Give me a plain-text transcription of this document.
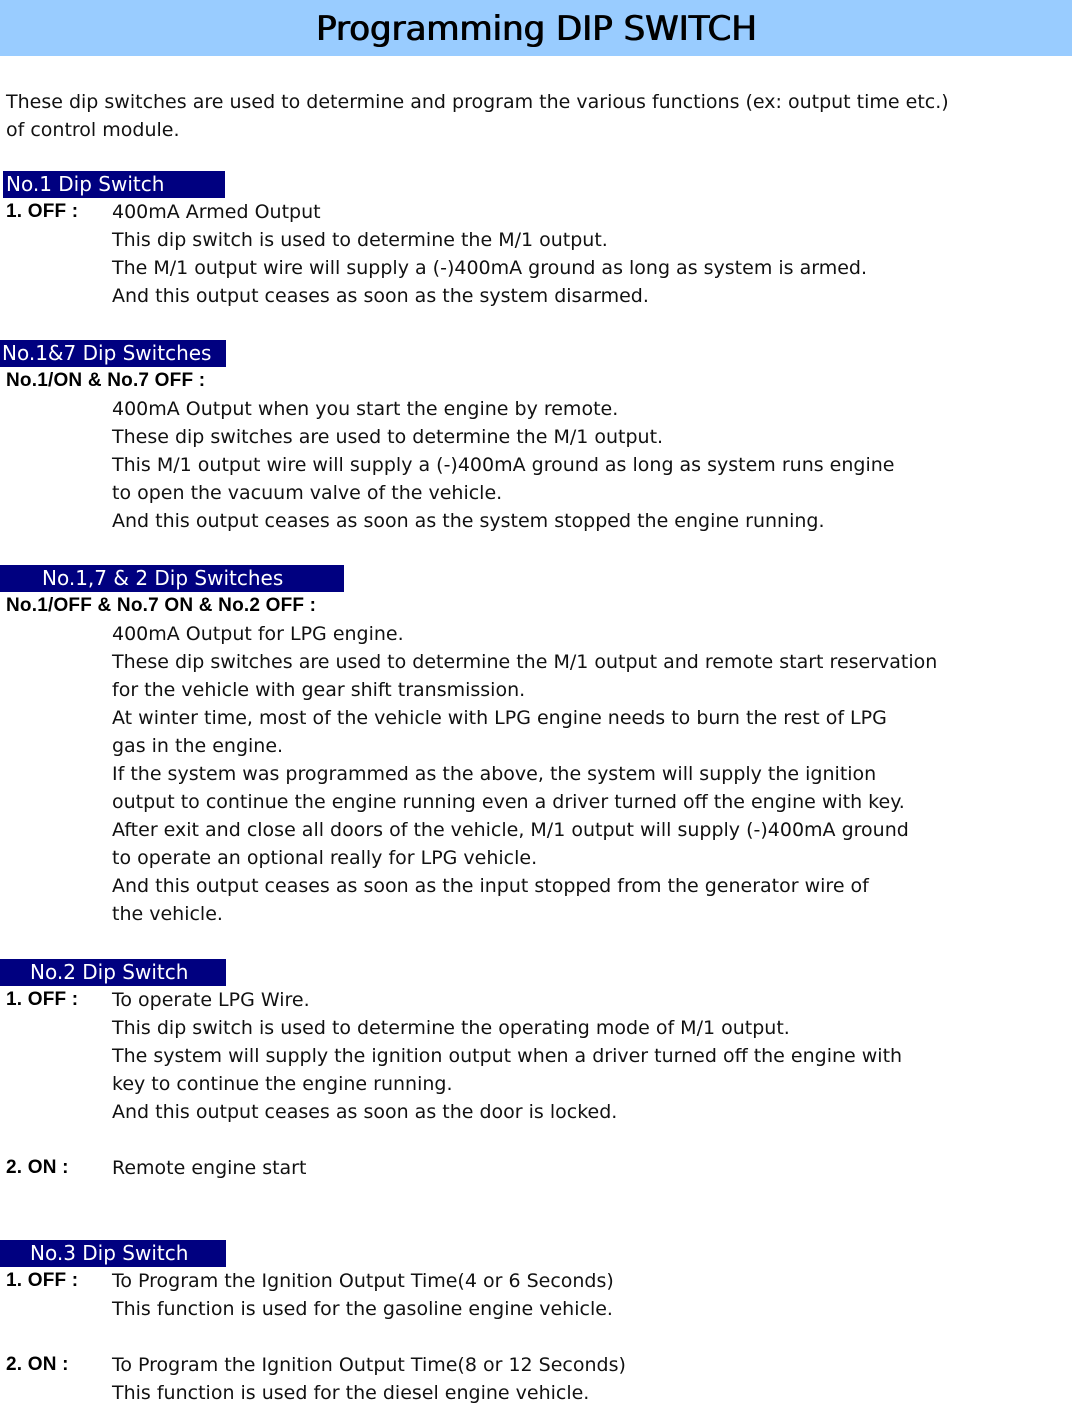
Programming DIP SWITCH
These dip switches are used to determine and program the various functions (ex: output time etc.)
of control module.
No.1 Dip Switch
1. OFF : 400mA Armed Output
This dip switch is used to determine the M/1 output.
The M/1 output wire will supply a (-)400mA ground as long as system is armed.
And this output ceases as soon as the system disarmed.
No.1&7 Dip Switches
No.1/ON & No.7 OFF :
400mA Output when you start the engine by remote.
These dip switches are used to determine the M/1 output.
This M/1 output wire will supply a (-)400mA ground as long as system runs engine
to open the vacuum valve of the vehicle.
And this output ceases as soon as the system stopped the engine running.
No.1,7 & 2 Dip Switches
No.1/OFF & No.7 ON & No.2 OFF :
400mA Output for LPG engine.
These dip switches are used to determine the M/1 output and remote start reservation
for the vehicle with gear shift transmission.
At winter time, most of the vehicle with LPG engine needs to burn the rest of LPG
gas in the engine.
If the system was programmed as the above, the system will supply the ignition
output to continue the engine running even a driver turned off the engine with key.
After exit and close all doors of the vehicle, M/1 output will supply (-)400mA ground
to operate an optional really for LPG vehicle.
And this output ceases as soon as the input stopped from the generator wire of
the vehicle.
No.2 Dip Switch
1. OFF : To operate LPG Wire.
This dip switch is used to determine the operating mode of M/1 output.
The system will supply the ignition output when a driver turned off the engine with
key to continue the engine running.
And this output ceases as soon as the door is locked.
2. ON : Remote engine start
No.3 Dip Switch
1. OFF : To Program the Ignition Output Time(4 or 6 Seconds)
This function is used for the gasoline engine vehicle.
2. ON : To Program the Ignition Output Time(8 or 12 Seconds)
This function is used for the diesel engine vehicle.
